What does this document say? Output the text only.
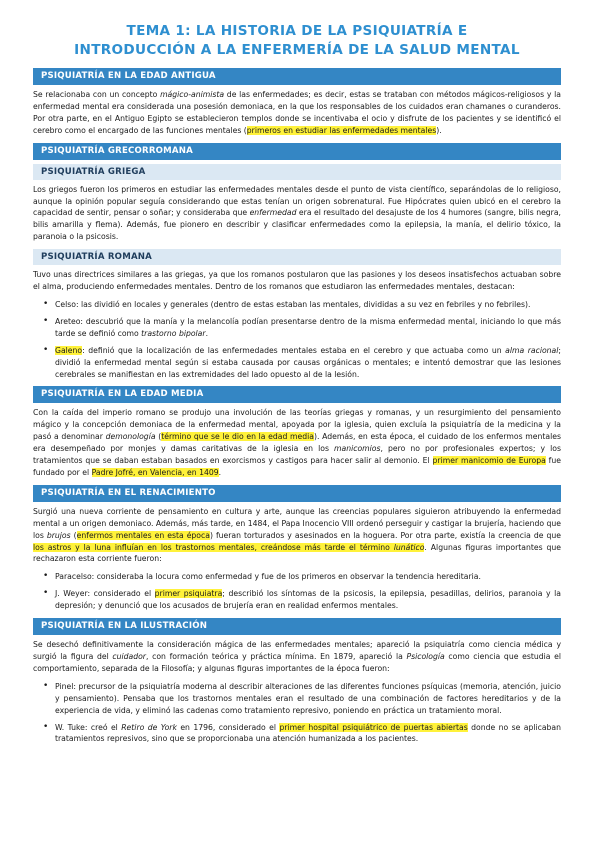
TEMA 1: LA HISTORIA DE LA PSIQUIATRÍA E
INTRODUCCIÓN A LA ENFERMERÍA DE LA SALUD MENTAL
PSIQUIATRÍA EN LA EDAD ANTIGUA

Se relacionaba con un concepto mágico-animista de las enfermedades; es decir, estas se trataban con métodos mágicos-religiosos y la enfermedad mental era considerada una posesión demoniaca, en la que los responsables de los cuidados eran chamanes o curanderos. Por otra parte, en el Antiguo Egipto se establecieron templos donde se incentivaba el ocio y disfrute de los pacientes y se identificó el cerebro como el encargado de las funciones mentales (primeros en estudiar las enfermedades mentales).

PSIQUIATRÍA GRECORROMANA
PSIQUIATRÍA GRIEGA

Los griegos fueron los primeros en estudiar las enfermedades mentales desde el punto de vista científico, separándolas de lo religioso, aunque la opinión popular seguía considerando que estas tenían un origen sobrenatural. Fue Hipócrates quien ubicó en el cerebro la capacidad de sentir, pensar o soñar; y consideraba que enfermedad era el resultado del desajuste de los 4 humores (sangre, bilis negra, bilis amarilla y flema). Además, fue pionero en describir y clasificar enfermedades como la epilepsia, la manía, el delirio tóxico, la paranoia o la psicosis.

PSIQUIATRÍA ROMANA

Tuvo unas directrices similares a las griegas, ya que los romanos postularon que las pasiones y los deseos insatisfechos actuaban sobre el alma, produciendo enfermedades mentales. Dentro de los romanos que estudiaron las enfermedades mentales, destacan:

• Celso: las dividió en locales y generales (dentro de estas estaban las mentales, divididas a su vez en febriles y no febriles).
• Areteo: descubrió que la manía y la melancolía podían presentarse dentro de la misma enfermedad mental, iniciando lo que más tarde se definió como trastorno bipolar.
• Galeno: definió que la localización de las enfermedades mentales estaba en el cerebro y que actuaba como un alma racional; dividió la enfermedad mental según si estaba causada por causas orgánicas o mentales; e intentó demostrar que las lesiones cerebrales se manifiestan en las extremidades del lado opuesto al de la lesión.
PSIQUIATRÍA EN LA EDAD MEDIA

Con la caída del imperio romano se produjo una involución de las teorías griegas y romanas, y un resurgimiento del pensamiento mágico y la concepción demoniaca de la enfermedad mental, apoyada por la iglesia, quien excluía la psiquiatría de la medicina y la pasó a denominar demonología (término que se le dio en la edad media). Además, en esta época, el cuidado de los enfermos mentales era desempeñado por monjes y damas caritativas de la iglesia en los manicomios, pero no por profesionales expertos; y los tratamientos que se daban estaban basados en exorcismos y castigos para hacer salir al demonio. El primer manicomio de Europa fue fundado por el Padre Jofré, en Valencia, en 1409.

PSIQUIATRÍA EN EL RENACIMIENTO

Surgió una nueva corriente de pensamiento en cultura y arte, aunque las creencias populares siguieron atribuyendo la enfermedad mental a un origen demoniaco. Además, más tarde, en 1484, el Papa Inocencio VIII ordenó perseguir y castigar la brujería, haciendo que los brujos (enfermos mentales en esta época) fueran torturados y asesinados en la hoguera. Por otra parte, existía la creencia de que los astros y la luna influían en los trastornos mentales, creándose más tarde el término lunático. Algunas figuras importantes que rechazaron esta corriente fueron:

• Paracelso: consideraba la locura como enfermedad y fue de los primeros en observar la tendencia hereditaria.
• J. Weyer: considerado el primer psiquiatra; describió los síntomas de la psicosis, la epilepsia, pesadillas, delirios, paranoia y la depresión; y denunció que los acusados de brujería eran en realidad enfermos mentales.
PSIQUIATRÍA EN LA ILUSTRACIÓN

Se desechó definitivamente la consideración mágica de las enfermedades mentales; apareció la psiquiatría como ciencia médica y surgió la figura del cuidador, con formación teórica y práctica mínima. En 1879, apareció la Psicología como ciencia que estudia el comportamiento, separada de la Filosofía; y algunas figuras importantes de la época fueron:

• Pinel: precursor de la psiquiatría moderna al describir alteraciones de las diferentes funciones psíquicas (memoria, atención, juicio y pensamiento). Pensaba que los trastornos mentales eran el resultado de una combinación de factores hereditarios y de la experiencia de vida, y eliminó las cadenas como tratamiento represivo, poniendo en práctica un tratamiento moral.
• W. Tuke: creó el Retiro de York en 1796, considerado el primer hospital psiquiátrico de puertas abiertas donde no se aplicaban tratamientos represivos, sino que se proporcionaba una atención humanizada a los pacientes.
